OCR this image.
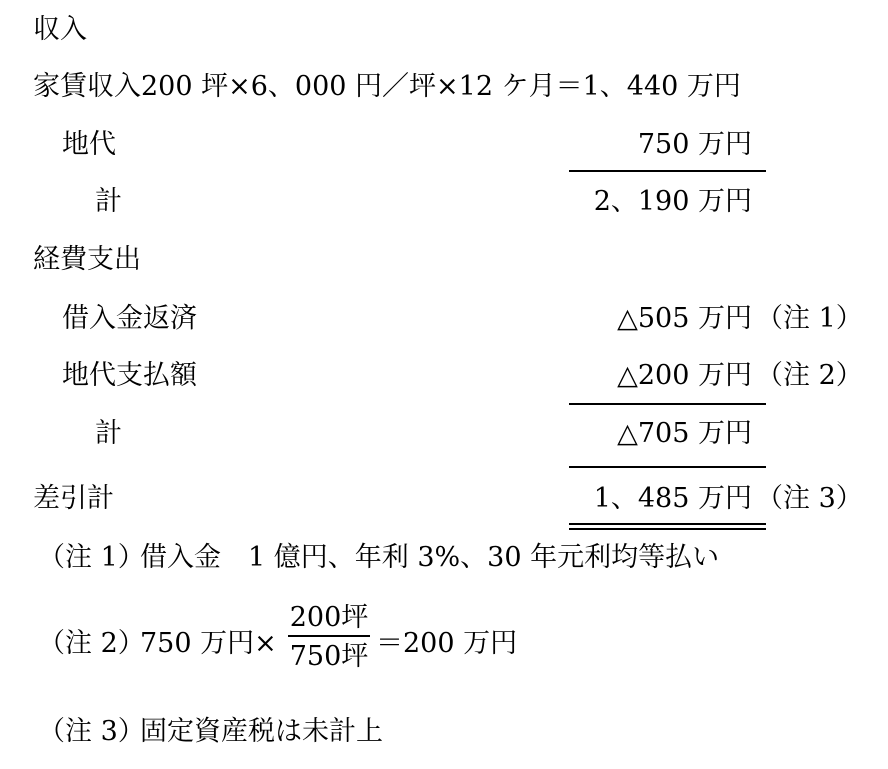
収入
家賃収入200 坪×6、000 円／坪×12 ケ月＝1、440 万円
地代	750 万円
計	2、190 万円
経費支出
借入金返済	△505 万円 （注 1）
地代支払額	△200 万円 （注 2）
計	△705 万円
差引計	1、485 万円 （注 3）
（注 1）
借入金　1 億円、年利 3%、30 年元利均等払い
（注 2）
750 万円×
200坪
750坪 ＝200 万円
（注 3）
固定資産税は未計上
